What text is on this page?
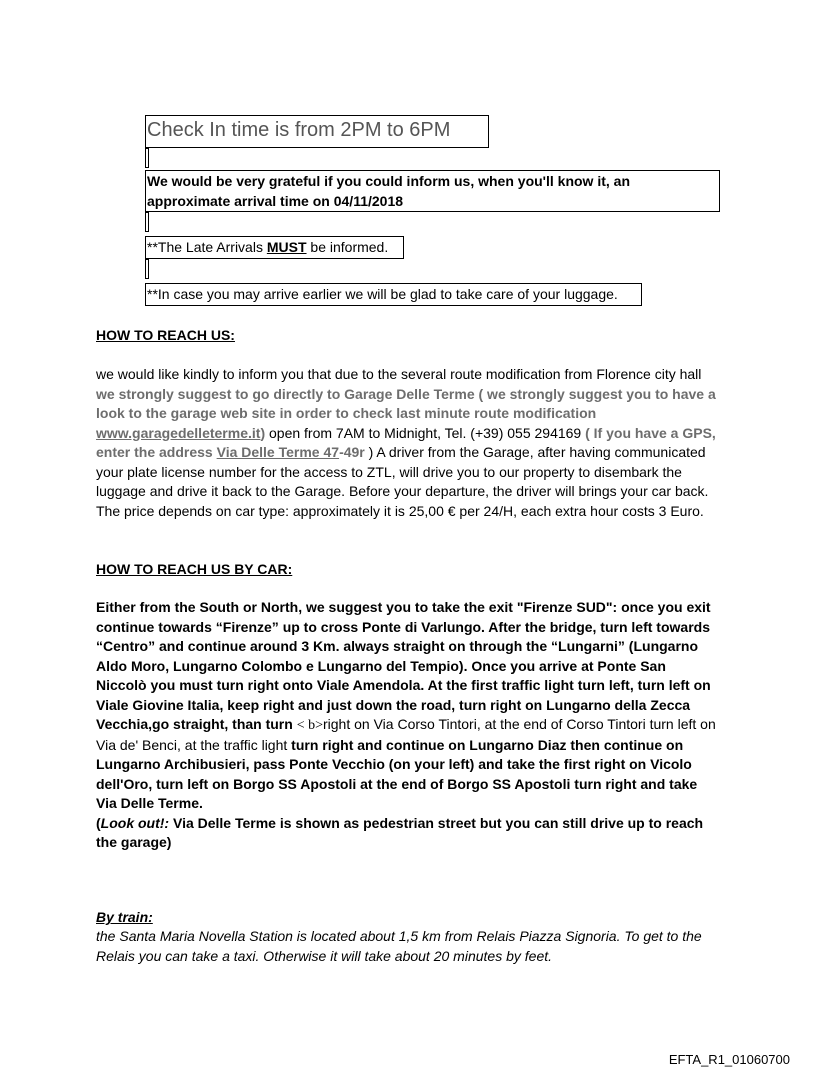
Check In time is from 2PM to 6PM
We would be very grateful if you could inform us, when you'll know it, an approximate arrival time on 04/11/2018
**The Late Arrivals MUST be informed.
**In case you may arrive earlier we will be glad to take care of your luggage.
HOW TO REACH US:
we would like kindly to inform you that due to the several route modification from Florence city hall we strongly suggest to go directly to Garage Delle Terme ( we strongly suggest you to have a look to the garage web site in order to check last minute route modification www.garagedelleterme.it) open from 7AM to Midnight, Tel. (+39) 055 294169 ( If you have a GPS, enter the address Via Delle Terme 47-49r ) A driver from the Garage, after having communicated your plate license number for the access to ZTL, will drive you to our property to disembark the luggage and drive it back to the Garage. Before your departure, the driver will brings your car back. The price depends on car type: approximately it is 25,00 € per 24/H, each extra hour costs 3 Euro.
HOW TO REACH US BY CAR:
Either from the South or North, we suggest you to take the exit "Firenze SUD": once you exit continue towards “Firenze” up to cross Ponte di Varlungo. After the bridge, turn left towards “Centro” and continue around 3 Km. always straight on through the “Lungarni” (Lungarno Aldo Moro, Lungarno Colombo e Lungarno del Tempio). Once you arrive at Ponte San Niccolò you must turn right onto Viale Amendola. At the first traffic light turn left, turn left on Viale Giovine Italia, keep right and just down the road, turn right on Lungarno della Zecca Vecchia,go straight, than turn < b>right on Via Corso Tintori, at the end of Corso Tintori turn left on Via de' Benci, at the traffic light turn right and continue on Lungarno Diaz then continue on Lungarno Archibusieri, pass Ponte Vecchio (on your left) and take the first right on Vicolo dell'Oro, turn left on Borgo SS Apostoli at the end of Borgo SS Apostoli turn right and take Via Delle Terme.
(Look out!: Via Delle Terme is shown as pedestrian street but you can still drive up to reach the garage)
By train:
the Santa Maria Novella Station is located about 1,5 km from Relais Piazza Signoria. To get to the Relais you can take a taxi. Otherwise it will take about 20 minutes by feet.
EFTA_R1_01060700
